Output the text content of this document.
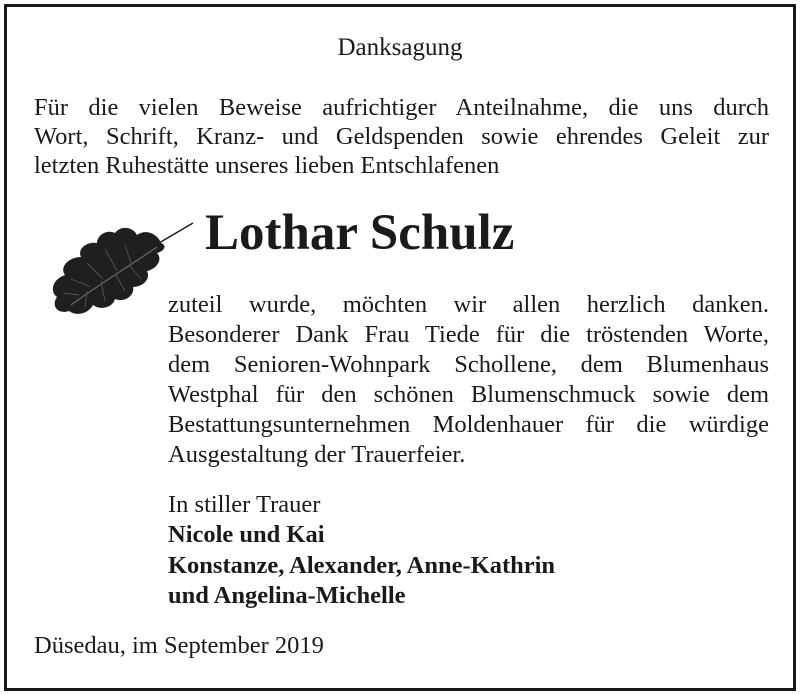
Danksagung
Für die vielen Beweise aufrichtiger Anteilnahme, die uns durch
Wort, Schrift, Kranz- und Geldspenden sowie ehrendes Geleit zur
letzten Ruhestätte unseres lieben Entschlafenen
Lothar Schulz
zuteil wurde, möchten wir allen herzlich danken.
Besonderer Dank Frau Tiede für die tröstenden Worte,
dem Senioren-Wohnpark Schollene, dem Blumenhaus
Westphal für den schönen Blumenschmuck sowie dem
Bestattungsunternehmen Moldenhauer für die würdige
Ausgestaltung der Trauerfeier.
In stiller Trauer
Nicole und Kai
Konstanze, Alexander, Anne-Kathrin
und Angelina-Michelle
Düsedau, im September 2019
